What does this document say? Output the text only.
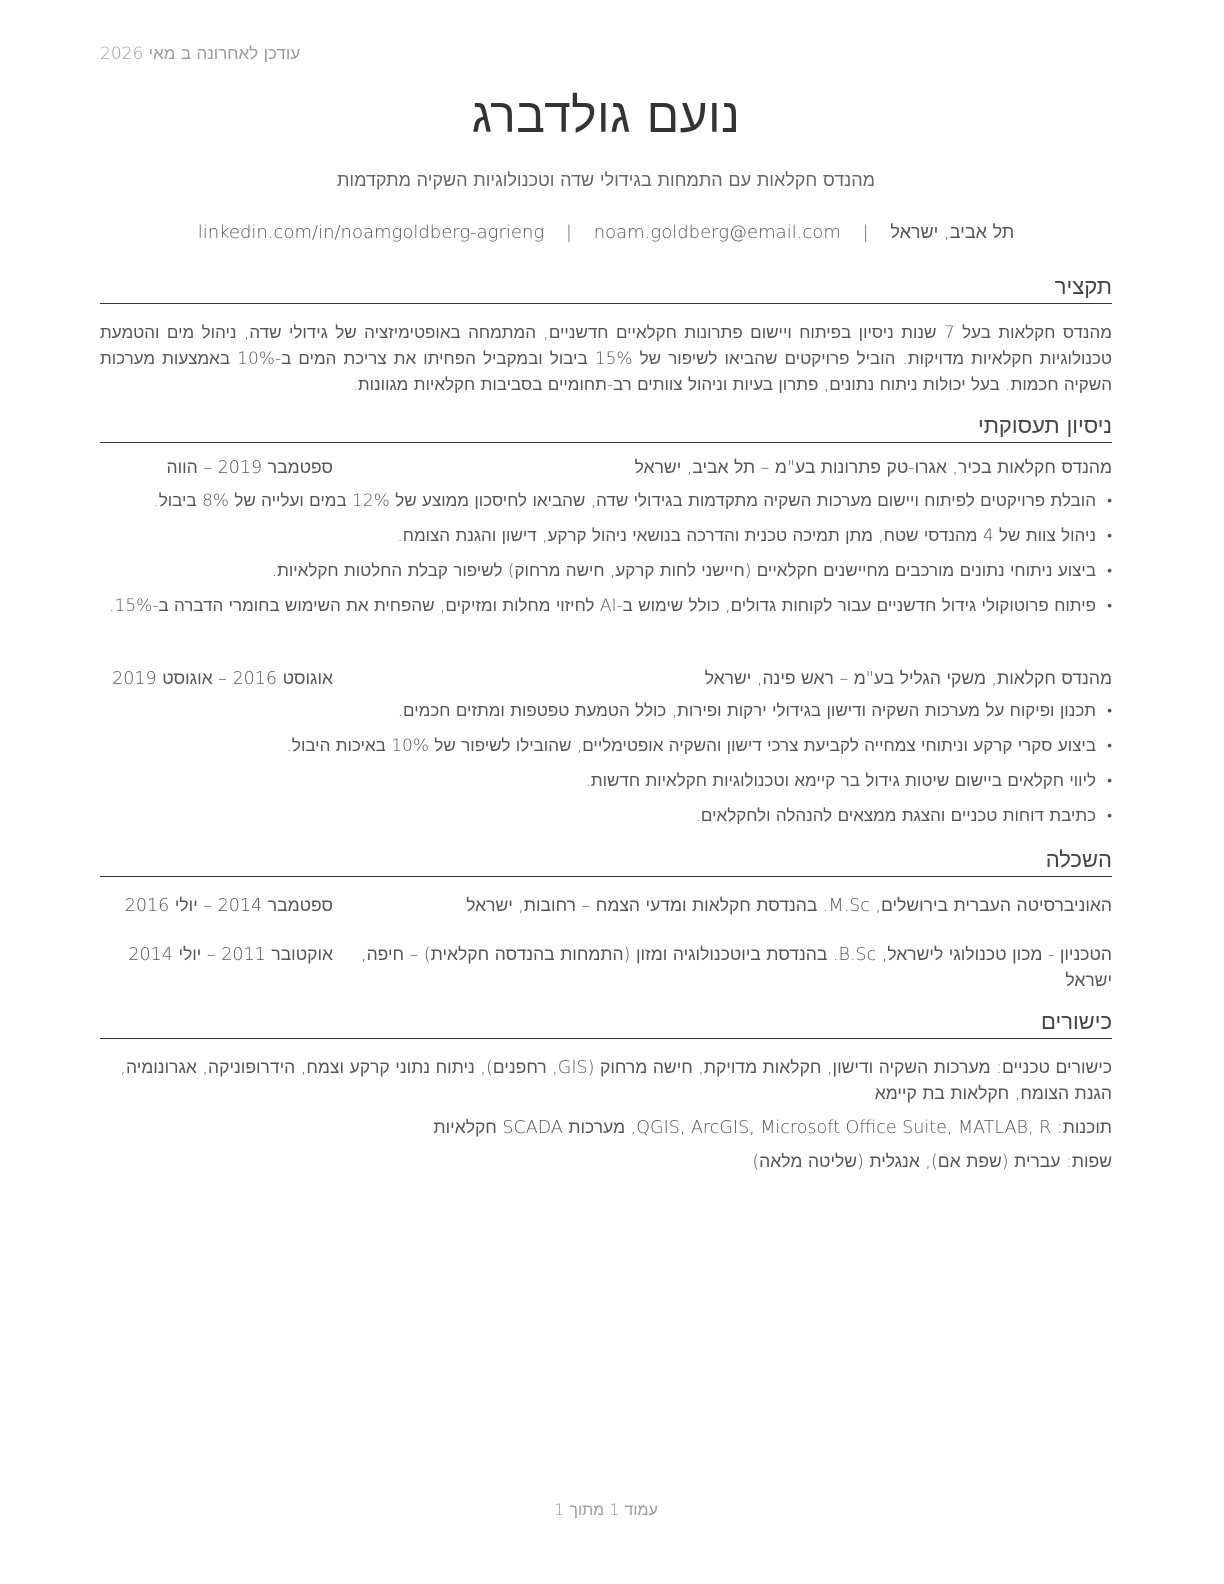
עודכן לאחרונה ב מאי 2026
נועם גולדברג
מהנדס חקלאות עם התמחות בגידולי שדה וטכנולוגיות השקיה מתקדמות
תל אביב, ישראל | noam.goldberg@email.com | linkedin.com/in/noamgoldberg-agrieng
תקציר
מהנדס חקלאות בעל 7 שנות ניסיון בפיתוח ויישום פתרונות חקלאיים חדשניים, המתמחה באופטימיזציה של גידולי שדה, ניהול מים והטמעת טכנולוגיות חקלאיות מדויקות. הוביל פרויקטים שהביאו לשיפור של 15% ביבול ובמקביל הפחיתו את צריכת המים ב-10% באמצעות מערכות השקיה חכמות. בעל יכולות ניתוח נתונים, פתרון בעיות וניהול צוותים רב-תחומיים בסביבות חקלאיות מגוונות.
ניסיון תעסוקתי
מהנדס חקלאות בכיר, אגרו-טק פתרונות בע"מ – תל אביב, ישראל
ספטמבר 2019 – הווה
•
הובלת פרויקטים לפיתוח ויישום מערכות השקיה מתקדמות בגידולי שדה, שהביאו לחיסכון ממוצע של 12% במים ועלייה של 8% ביבול.
•
ניהול צוות של 4 מהנדסי שטח, מתן תמיכה טכנית והדרכה בנושאי ניהול קרקע, דישון והגנת הצומח.
•
ביצוע ניתוחי נתונים מורכבים מחיישנים חקלאיים (חיישני לחות קרקע, חישה מרחוק) לשיפור קבלת החלטות חקלאיות.
•
פיתוח פרוטוקולי גידול חדשניים עבור לקוחות גדולים, כולל שימוש ב-AI לחיזוי מחלות ומזיקים, שהפחית את השימוש בחומרי הדברה ב-15%.
מהנדס חקלאות, משקי הגליל בע"מ – ראש פינה, ישראל
אוגוסט 2016 – אוגוסט 2019
•
תכנון ופיקוח על מערכות השקיה ודישון בגידולי ירקות ופירות, כולל הטמעת טפטפות ומתזים חכמים.
•
ביצוע סקרי קרקע וניתוחי צמחייה לקביעת צרכי דישון והשקיה אופטימליים, שהובילו לשיפור של 10% באיכות היבול.
•
ליווי חקלאים ביישום שיטות גידול בר קיימא וטכנולוגיות חקלאיות חדשות.
•
כתיבת דוחות טכניים והצגת ממצאים להנהלה ולחקלאים.
השכלה
האוניברסיטה העברית בירושלים, M.Sc. בהנדסת חקלאות ומדעי הצמח – רחובות, ישראל
ספטמבר 2014 – יולי 2016
הטכניון - מכון טכנולוגי לישראל, B.Sc. בהנדסת ביוטכנולוגיה ומזון (התמחות בהנדסה חקלאית) – חיפה, ישראל
אוקטובר 2011 – יולי 2014
כישורים
כישורים טכניים: מערכות השקיה ודישון, חקלאות מדויקת, חישה מרחוק (GIS, רחפנים), ניתוח נתוני קרקע וצמח, הידרופוניקה, אגרונומיה, הגנת הצומח, חקלאות בת קיימא
תוכנות: QGIS, ArcGIS, Microsoft Office Suite, MATLAB, R, מערכות SCADA חקלאיות
שפות: עברית (שפת אם), אנגלית (שליטה מלאה)
עמוד 1 מתוך 1
